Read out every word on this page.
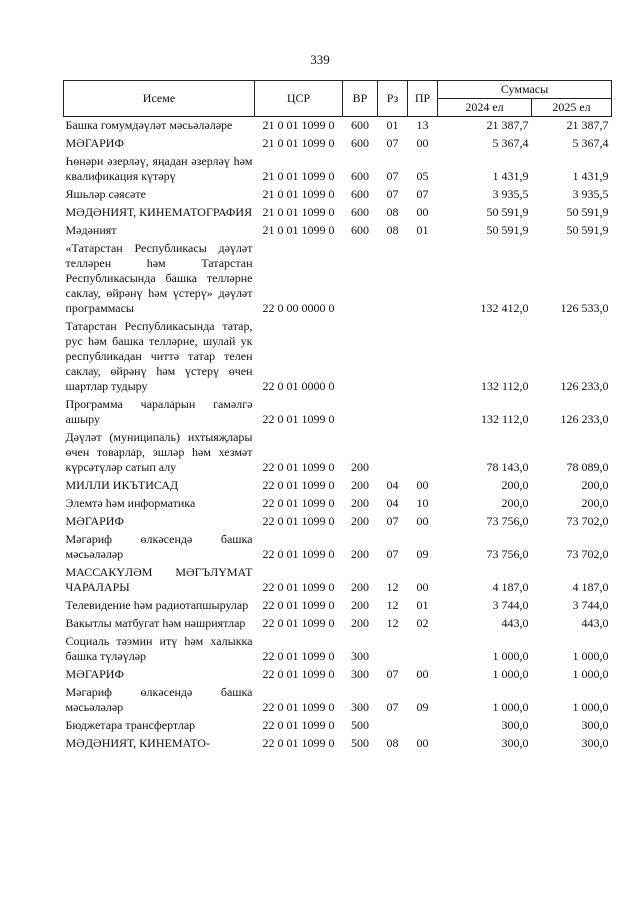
339
Исеме	ЦСР	ВР	Рз	ПР	Суммасы	
					2024 ел	2025 ел
Башка гомумдәүләт мәсьәләләре	21 0 01 1099 0	600	01	13	21 387,7	21 387,7
МӘГАРИФ	21 0 01 1099 0	600	07	00	5 367,4	5 367,4
Һөнәри әзерләү, яңадан әзерләү һәм квалификация күтәрү	21 0 01 1099 0	600	07	05	1 431,9	1 431,9
Яшьләр сәясәте	21 0 01 1099 0	600	07	07	3 935,5	3 935,5
МӘДӘНИЯТ, КИНЕМАТОГРАФИЯ	21 0 01 1099 0	600	08	00	50 591,9	50 591,9
Мәдәният	21 0 01 1099 0	600	08	01	50 591,9	50 591,9
«Татарстан Республикасы дәүләт телләрен һәм Татарстан Республикасында башка телләрне саклау, өйрәнү һәм үстерү» дәүләт программасы	22 0 00 0000 0				132 412,0	126 533,0
Татарстан Республикасында татар, рус һәм башка телләрне, шулай ук республикадан читтә татар телен саклау, өйрәнү һәм үстерү өчен шартлар тудыру	22 0 01 0000 0				132 112,0	126 233,0
Программа чараларын гамәлгә ашыру	22 0 01 1099 0				132 112,0	126 233,0
Дәүләт (муниципаль) ихтыяҗлары өчен товарлар, эшләр һәм хезмәт күрсәтүләр сатып алу	22 0 01 1099 0	200			78 143,0	78 089,0
МИЛЛИ ИКЪТИСАД	22 0 01 1099 0	200	04	00	200,0	200,0
Элемтә һәм информатика	22 0 01 1099 0	200	04	10	200,0	200,0
МӘГАРИФ	22 0 01 1099 0	200	07	00	73 756,0	73 702,0
Мәгариф өлкәсендә башка мәсьәләләр	22 0 01 1099 0	200	07	09	73 756,0	73 702,0
МАССАКҮЛӘМ МӘГЪЛҮМАТ ЧАРАЛАРЫ	22 0 01 1099 0	200	12	00	4 187,0	4 187,0
Телевидение һәм радиотапшырулар	22 0 01 1099 0	200	12	01	3 744,0	3 744,0
Вакытлы матбугат һәм нәшриятлар	22 0 01 1099 0	200	12	02	443,0	443,0
Социаль тәэмин итү һәм халыкка башка түләүләр	22 0 01 1099 0	300			1 000,0	1 000,0
МӘГАРИФ	22 0 01 1099 0	300	07	00	1 000,0	1 000,0
Мәгариф өлкәсендә башка мәсьәләләр	22 0 01 1099 0	300	07	09	1 000,0	1 000,0
Бюджетара трансфертлар	22 0 01 1099 0	500			300,0	300,0
МӘДӘНИЯТ, КИНЕМАТО-	22 0 01 1099 0	500	08	00	300,0	300,0
